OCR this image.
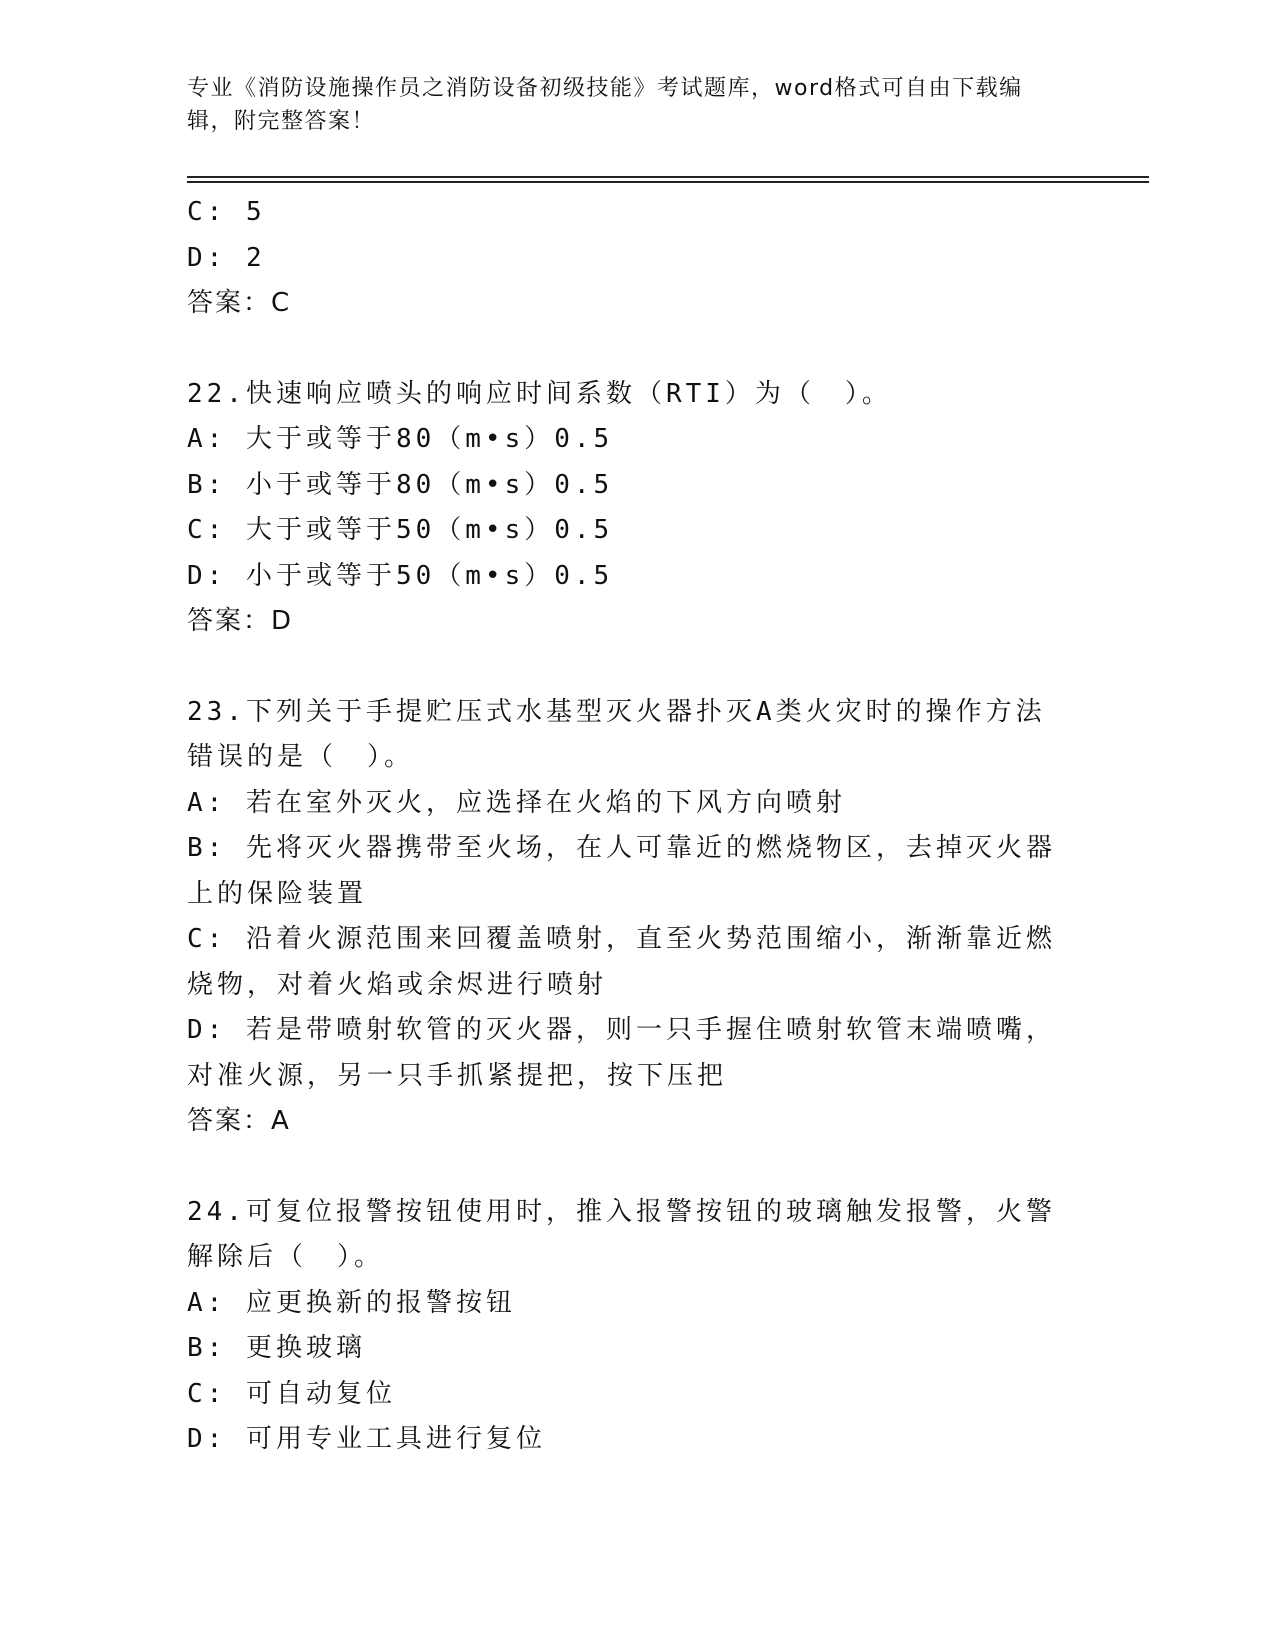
专业《消防设施操作员之消防设备初级技能》考试题库，word格式可自由下载编辑，附完整答案！
C: 5
D: 2
答案：C
22.快速响应喷头的响应时间系数（RTI）为（　）。
A: 大于或等于80（m•s）0.5
B: 小于或等于80（m•s）0.5
C: 大于或等于50（m•s）0.5
D: 小于或等于50（m•s）0.5
答案：D
23.下列关于手提贮压式水基型灭火器扑灭A类火灾时的操作方法错误的是（　）。
A: 若在室外灭火，应选择在火焰的下风方向喷射
B: 先将灭火器携带至火场，在人可靠近的燃烧物区，去掉灭火器上的保险装置
C: 沿着火源范围来回覆盖喷射，直至火势范围缩小，渐渐靠近燃烧物，对着火焰或余烬进行喷射
D: 若是带喷射软管的灭火器，则一只手握住喷射软管末端喷嘴，对准火源，另一只手抓紧提把，按下压把
答案：A
24.可复位报警按钮使用时，推入报警按钮的玻璃触发报警，火警解除后（　）。
A: 应更换新的报警按钮
B: 更换玻璃
C: 可自动复位
D: 可用专业工具进行复位
